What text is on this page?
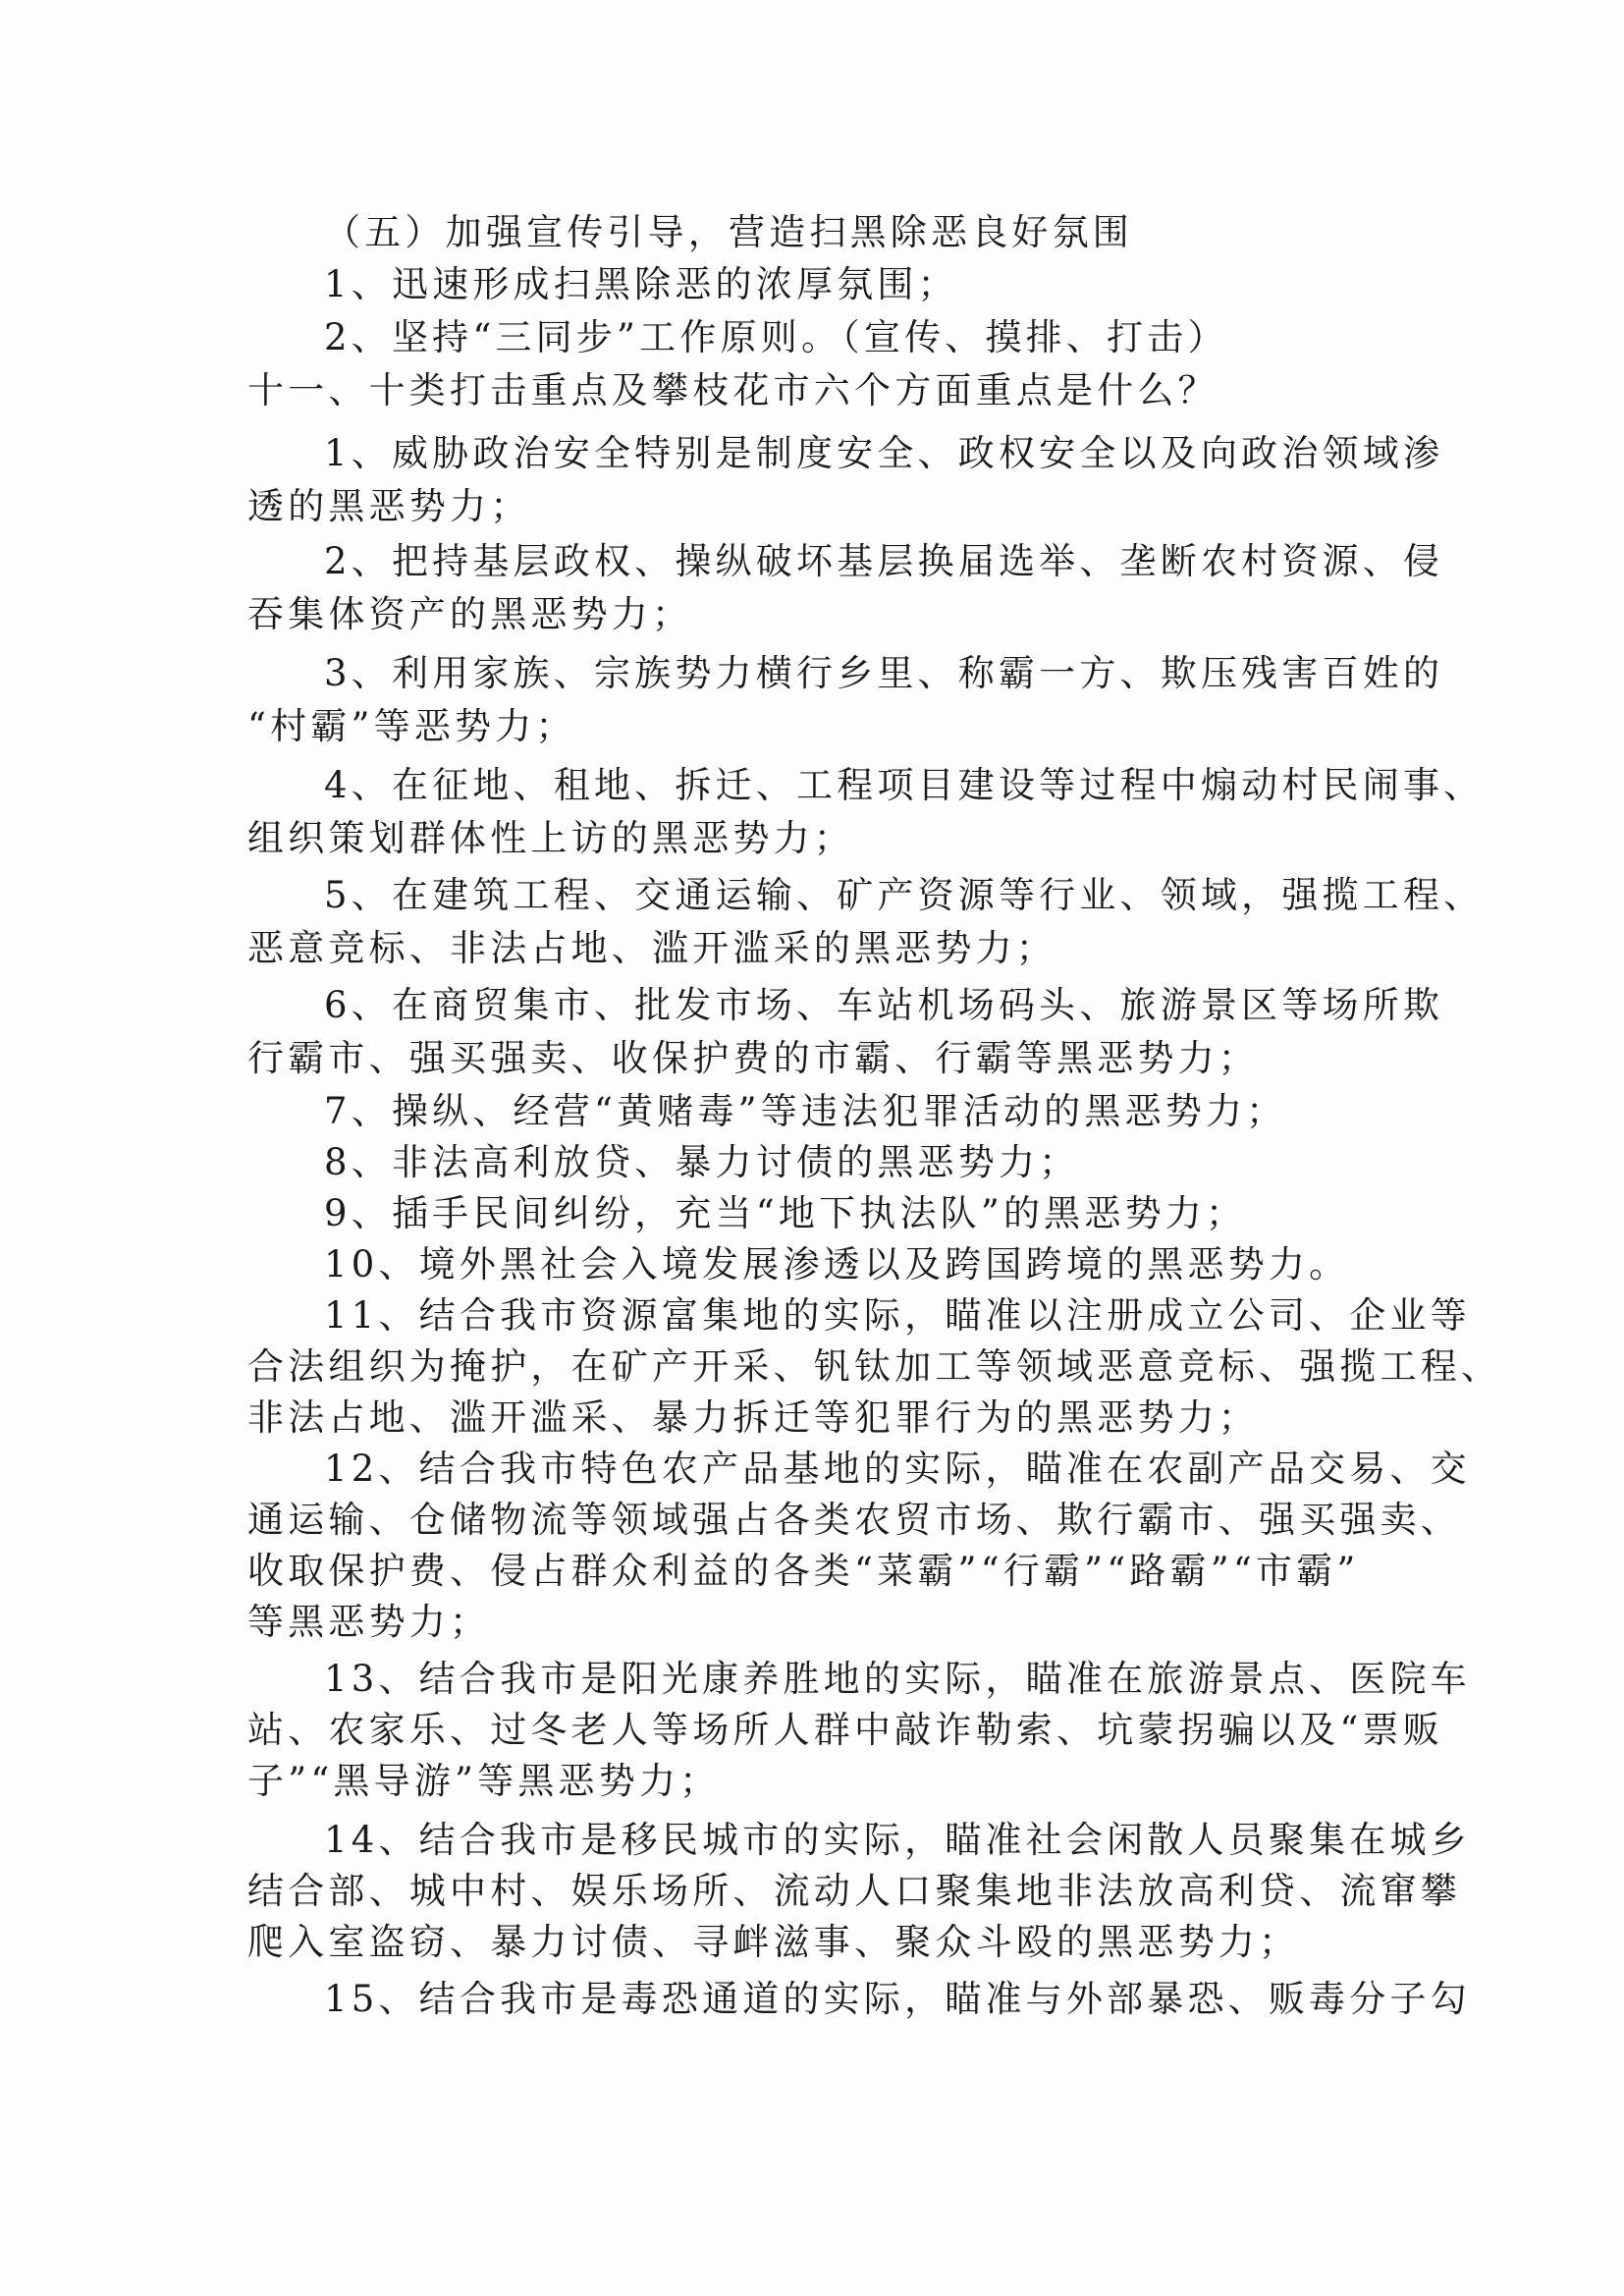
（五）加强宣传引导，营造扫黑除恶良好氛围
1、迅速形成扫黑除恶的浓厚氛围；
2、坚持“三同步”工作原则。（宣传、摸排、打击）
十一、十类打击重点及攀枝花市六个方面重点是什么？
1、威胁政治安全特别是制度安全、政权安全以及向政治领域渗
透的黑恶势力；
2、把持基层政权、操纵破坏基层换届选举、垄断农村资源、侵
吞集体资产的黑恶势力；
3、利用家族、宗族势力横行乡里、称霸一方、欺压残害百姓的
“村霸”等恶势力；
4、在征地、租地、拆迁、工程项目建设等过程中煽动村民闹事、
组织策划群体性上访的黑恶势力；
5、在建筑工程、交通运输、矿产资源等行业、领域，强揽工程、
恶意竞标、非法占地、滥开滥采的黑恶势力；
6、在商贸集市、批发市场、车站机场码头、旅游景区等场所欺
行霸市、强买强卖、收保护费的市霸、行霸等黑恶势力；
7、操纵、经营“黄赌毒”等违法犯罪活动的黑恶势力；
8、非法高利放贷、暴力讨债的黑恶势力；
9、插手民间纠纷，充当“地下执法队”的黑恶势力；
10、境外黑社会入境发展渗透以及跨国跨境的黑恶势力。
11、结合我市资源富集地的实际，瞄准以注册成立公司、企业等
合法组织为掩护，在矿产开采、钒钛加工等领域恶意竞标、强揽工程、
非法占地、滥开滥采、暴力拆迁等犯罪行为的黑恶势力；
12、结合我市特色农产品基地的实际，瞄准在农副产品交易、交
通运输、仓储物流等领域强占各类农贸市场、欺行霸市、强买强卖、
收取保护费、侵占群众利益的各类“菜霸”“行霸”“路霸”“市霸”
等黑恶势力；
13、结合我市是阳光康养胜地的实际，瞄准在旅游景点、医院车
站、农家乐、过冬老人等场所人群中敲诈勒索、坑蒙拐骗以及“票贩
子”“黑导游”等黑恶势力；
14、结合我市是移民城市的实际，瞄准社会闲散人员聚集在城乡
结合部、城中村、娱乐场所、流动人口聚集地非法放高利贷、流窜攀
爬入室盗窃、暴力讨债、寻衅滋事、聚众斗殴的黑恶势力；
15、结合我市是毒恐通道的实际，瞄准与外部暴恐、贩毒分子勾
